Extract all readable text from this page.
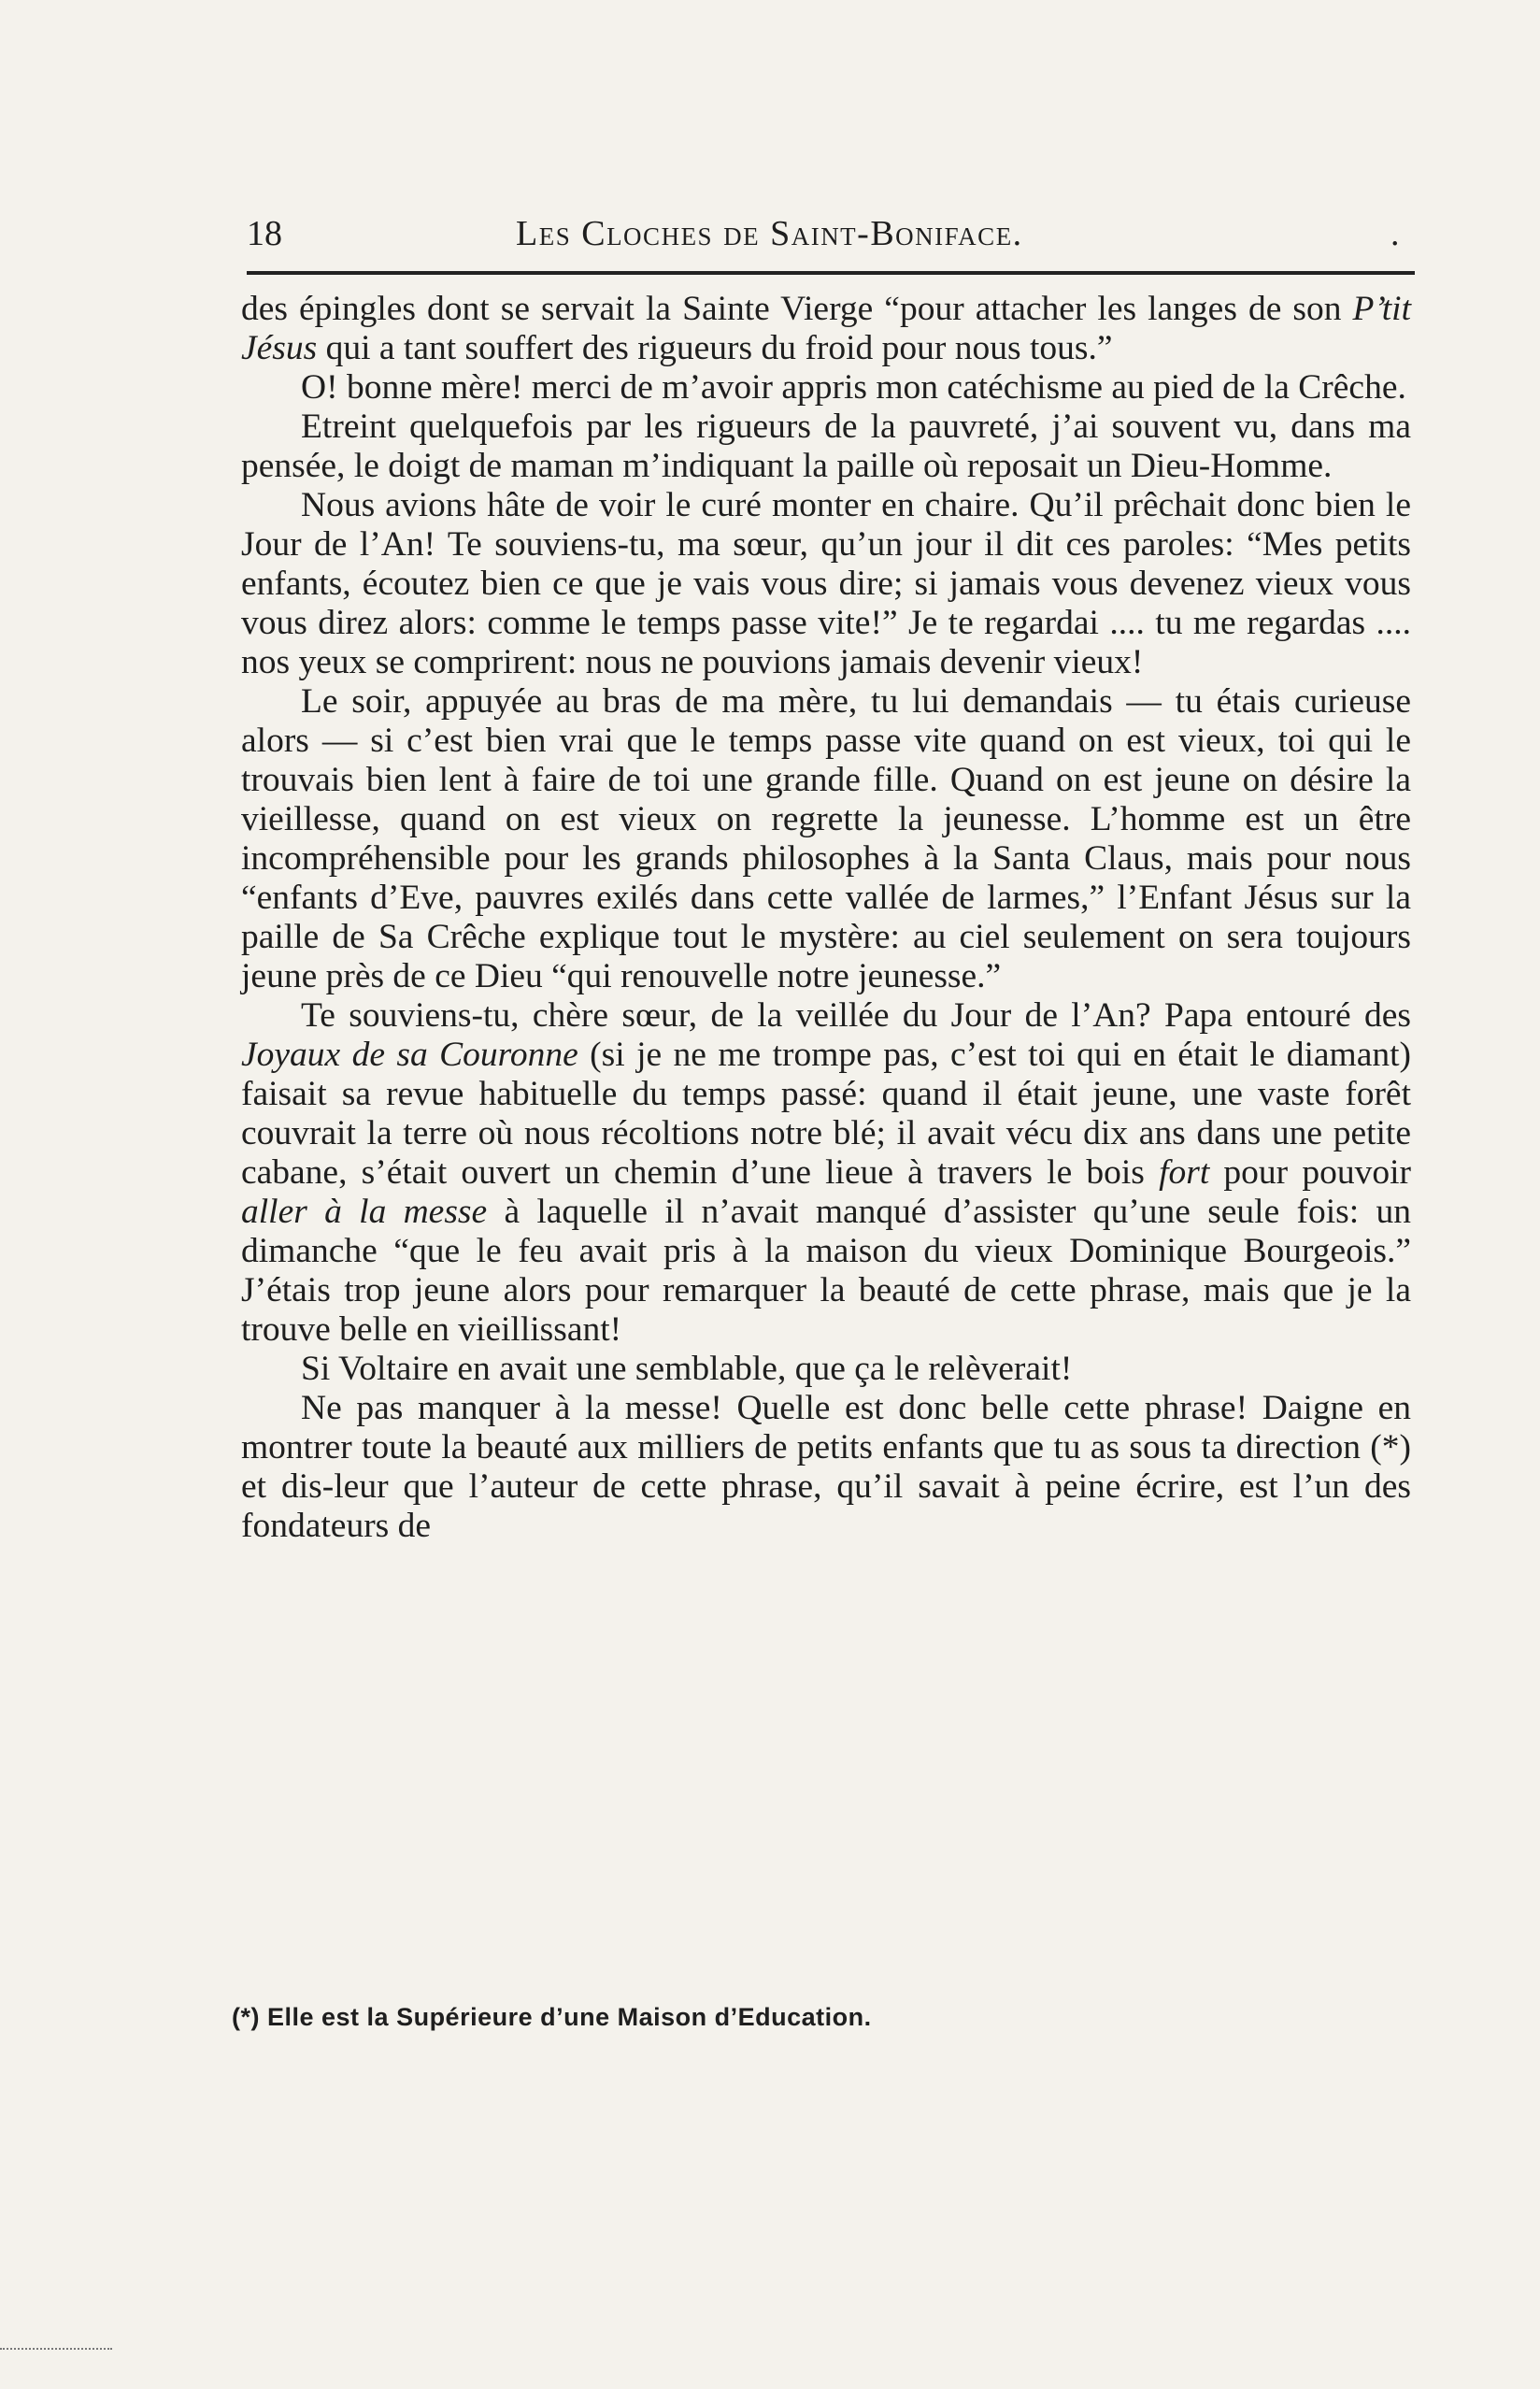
18	Les Cloches de Saint-Boniface.	.

des épingles dont se servait la Sainte Vierge “pour attacher les langes de son P’tit Jésus qui a tant souffert des rigueurs du froid pour nous tous.”

O! bonne mère! merci de m’avoir appris mon catéchisme au pied de la Crêche.

Etreint quelquefois par les rigueurs de la pauvreté, j’ai souvent vu, dans ma pensée, le doigt de maman m’indiquant la paille où reposait un Dieu-Homme.

Nous avions hâte de voir le curé monter en chaire. Qu’il prêchait donc bien le Jour de l’An! Te souviens-tu, ma sœur, qu’un jour il dit ces paroles: “Mes petits enfants, écoutez bien ce que je vais vous dire; si jamais vous devenez vieux vous vous direz alors: comme le temps passe vite!” Je te regardai .... tu me regardas .... nos yeux se comprirent: nous ne pouvions jamais devenir vieux!

Le soir, appuyée au bras de ma mère, tu lui demandais — tu étais curieuse alors — si c’est bien vrai que le temps passe vite quand on est vieux, toi qui le trouvais bien lent à faire de toi une grande fille. Quand on est jeune on désire la vieillesse, quand on est vieux on regrette la jeunesse. L’homme est un être incompréhensible pour les grands philosophes à la Santa Claus, mais pour nous “enfants d’Eve, pauvres exilés dans cette vallée de larmes,” l’Enfant Jésus sur la paille de Sa Crêche explique tout le mystère: au ciel seulement on sera toujours jeune près de ce Dieu “qui renouvelle notre jeunesse.”

Te souviens-tu, chère sœur, de la veillée du Jour de l’An? Papa entouré des Joyaux de sa Couronne (si je ne me trompe pas, c’est toi qui en était le diamant) faisait sa revue habituelle du temps passé: quand il était jeune, une vaste forêt couvrait la terre où nous récoltions notre blé; il avait vécu dix ans dans une petite cabane, s’était ouvert un chemin d’une lieue à travers le bois fort pour pouvoir aller à la messe à laquelle il n’avait manqué d’assister qu’une seule fois: un dimanche “que le feu avait pris à la maison du vieux Dominique Bourgeois.” J’étais trop jeune alors pour remarquer la beauté de cette phrase, mais que je la trouve belle en vieillissant!

Si Voltaire en avait une semblable, que ça le relèverait!

Ne pas manquer à la messe! Quelle est donc belle cette phrase! Daigne en montrer toute la beauté aux milliers de petits enfants que tu as sous ta direction (*) et dis-leur que l’auteur de cette phrase, qu’il savait à peine écrire, est l’un des fondateurs de

(*) Elle est la Supérieure d’une Maison d’Education.
